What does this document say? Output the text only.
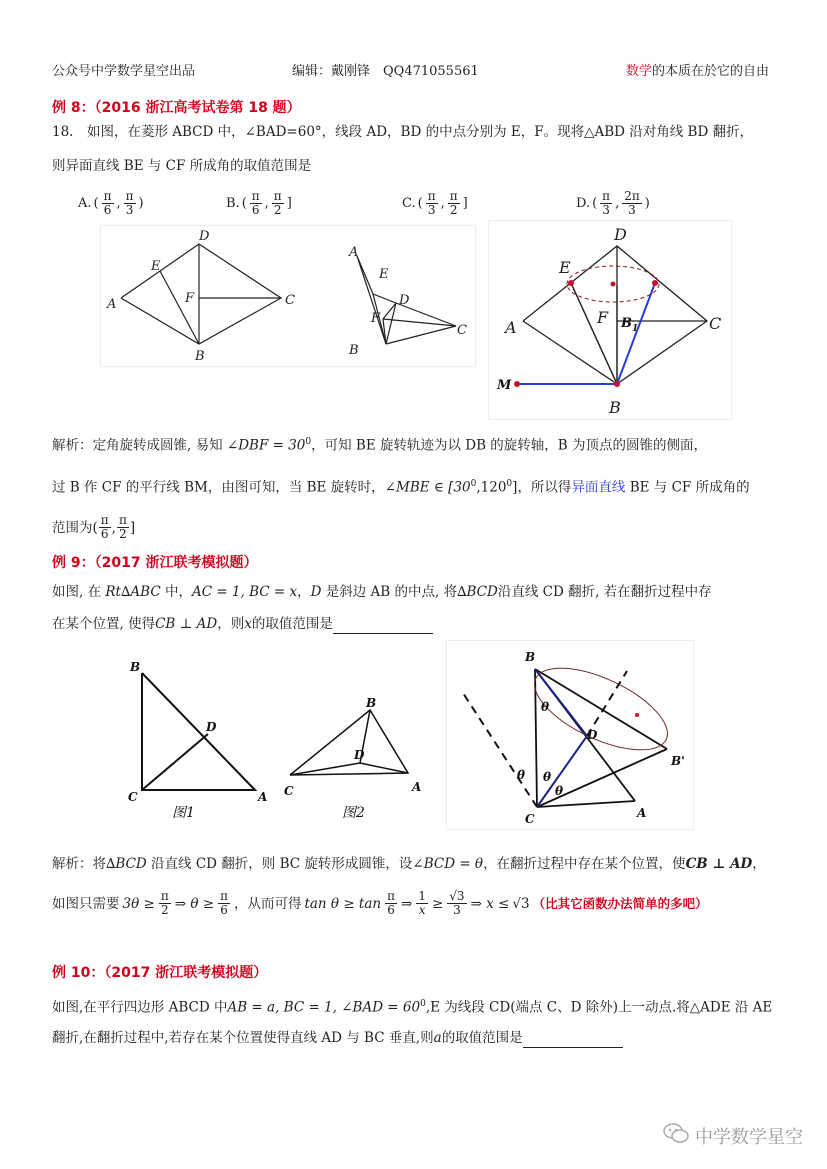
公众号中学数学星空出品	编辑：戴刚锋　QQ471055561	数学的本质在於它的自由
例 8：（2016 浙江高考试卷第 18 题）
18.　如图，在菱形 ABCD 中，∠BAD=60°，线段 AD，BD 的中点分别为 E，F。现将△ABD 沿对角线 BD 翻折，
则异面直线 BE 与 CF 所成角的取值范围是
A. ( $\frac{\pi}{6}$ , $\frac{\pi}{3}$ )	B. ( $\frac{\pi}{6}$ , $\frac{\pi}{2}$ ]	C. ( $\frac{\pi}{3}$ , $\frac{\pi}{2}$ ]	D. ( $\frac{\pi}{3}$ , $\frac{2\pi}{3}$ )
A
B
C
D
E
F
A
E
D
F
C
B
D
E
A	C
F
B
B 1
M
解析：定角旋转成圆锥, 易知 ∠DBF = $30^0$，可知 BE 旋转轨迹为以 DB 的旋转轴，B 为顶点的圆锥的侧面，
过 B 作 CF 的平行线 BM，由图可知，当 BE 旋转时，∠MBE ∈ $[30^0,120^0]$，所以得异面直线 BE 与 CF 所成角的
范围为 ( $\frac{\pi}{6}$ , $\frac{\pi}{2}$ ]
例 9：（2017 浙江联考模拟题）
如图, 在 Rt∆ABC 中，AC = 1, BC = x，D 是斜边 AB 的中点, 将∆BCD沿直线 CD 翻折, 若在翻折过程中存
在某个位置, 使得CB ⊥ AD，则x的取值范围是
B
C	A
D
B
C	A
D
图1	图2
B
C	A
D
B'
θ
θ θ
θ
解析：将∆BCD 沿直线 CD 翻折，则 BC 旋转形成圆锥，设∠BCD = θ，在翻折过程中存在某个位置，使CB ⊥ AD，
如图只需要 $3\theta \ge \frac{\pi}{2}$ ⇒ $\theta \ge \frac{\pi}{6}$ ，从而可得 $\tan \theta \ge \tan \frac{\pi}{6}$ ⇒ $\frac{1}{x} \ge \frac{√3}{3}$ ⇒ x ≤ √3 （比其它函数办法简单的多吧）
例 10：（2017 浙江联考模拟题）
如图,在平行四边形 ABCD 中AB = a, BC = 1, ∠BAD = $60^0,E$ 为线段 CD(端点 C、D 除外)上一动点.将△ADE 沿 AE
翻折,在翻折过程中,若存在某个位置使得直线 AD 与 BC 垂直,则a的取值范围是
中学数学星空
